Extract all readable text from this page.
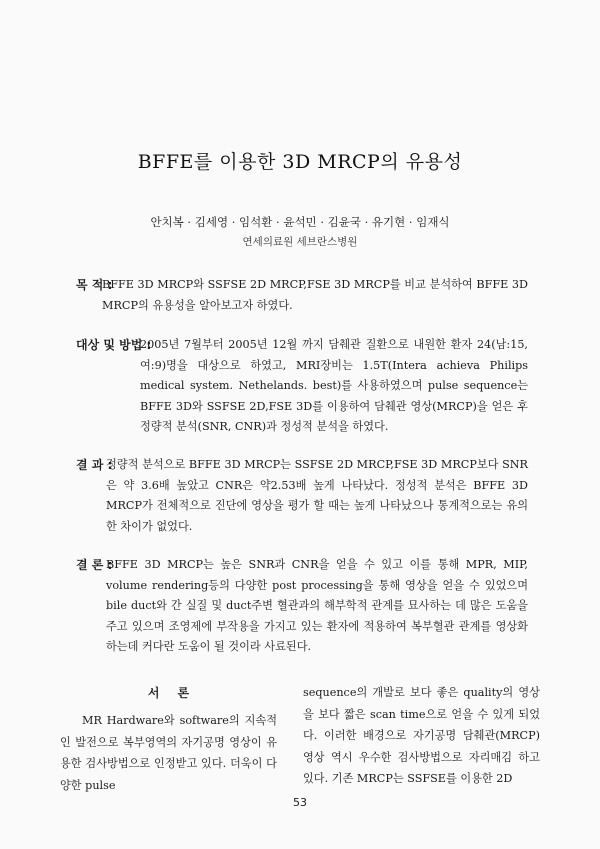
BFFE를 이용한 3D MRCP의 유용성
안치복 · 김세영 · 임석환 · 윤석민 · 김윤국 · 유기현 · 임재식
연세의료원 세브란스병원
목 적 :
BFFE 3D MRCP와 SSFSE 2D MRCP,FSE 3D MRCP를 비교 분석하여 BFFE 3D MRCP의 유용성을 알아보고자 하였다.
대상 및 방법 :
2005년 7월부터 2005년 12월 까지 담췌관 질환으로 내원한 환자 24(남:15, 여:9)명을 대상으로 하였고, MRI장비는 1.5T(Intera achieva Philips medical system. Nethelands. best)를 사용하였으며 pulse sequence는 BFFE 3D와 SSFSE 2D,FSE 3D를 이용하여 담췌관 영상(MRCP)을 얻은 후 정량적 분석(SNR, CNR)과 정성적 분석을 하였다.
결 과 :
정량적 분석으로 BFFE 3D MRCP는 SSFSE 2D MRCP,FSE 3D MRCP보다 SNR은 약 3.6배 높았고 CNR은 약2.53배 높게 나타났다. 정성적 분석은 BFFE 3D MRCP가 전체적으로 진단에 영상을 평가 할 때는 높게 나타났으나 통계적으로는 유의한 차이가 없었다.
결 론 :
BFFE 3D MRCP는 높은 SNR과 CNR을 얻을 수 있고 이를 통해 MPR, MIP, volume rendering등의 다양한 post processing을 통해 영상을 얻을 수 있었으며 bile duct와 간 실질 및 duct주변 혈관과의 해부학적 관계를 묘사하는 데 많은 도움을 주고 있으며 조영제에 부작용을 가지고 있는 환자에 적용하여 복부혈관 관계를 영상화하는데 커다란 도움이 될 것이라 사료된다.
서론
MR Hardware와 software의 지속적인 발전으로 복부영역의 자기공명 영상이 유용한 검사방법으로 인정받고 있다. 더욱이 다양한 pulse
sequence의 개발로 보다 좋은 quality의 영상을 보다 짧은 scan time으로 얻을 수 있게 되었다. 이러한 배경으로 자기공명 담췌관(MRCP) 영상 역시 우수한 검사방법으로 자리매김 하고 있다. 기존 MRCP는 SSFSE를 이용한 2D
53
